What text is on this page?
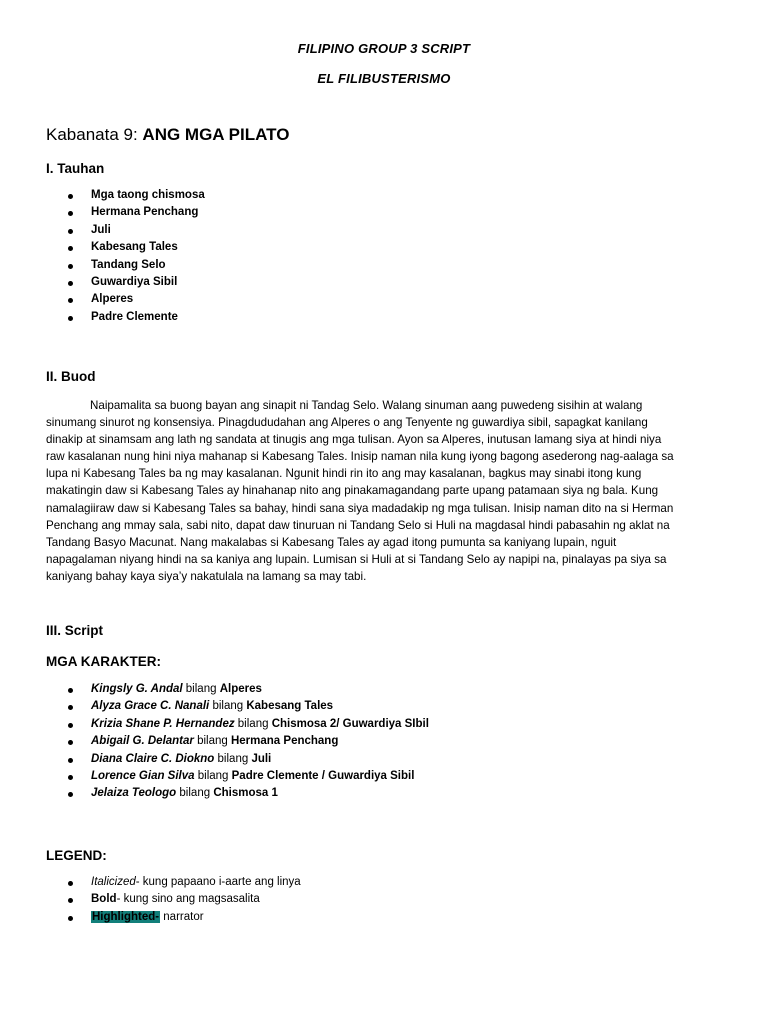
FILIPINO GROUP 3 SCRIPT
EL FILIBUSTERISMO
Kabanata 9: ANG MGA PILATO
I. Tauhan
Mga taong chismosa
Hermana Penchang
Juli
Kabesang Tales
Tandang Selo
Guwardiya Sibil
Alperes
Padre Clemente
II. Buod
Naipamalita sa buong bayan ang sinapit ni Tandag Selo. Walang sinuman aang puwedeng sisihin at walang
sinumang sinurot ng konsensiya. Pinagdududahan ang Alperes o ang Tenyente ng guwardiya sibil, sapagkat kanilang
dinakip at sinamsam ang lath ng sandata at tinugis ang mga tulisan. Ayon sa Alperes, inutusan lamang siya at hindi niya
raw kasalanan nung hini niya mahanap si Kabesang Tales. Inisip naman nila kung iyong bagong asederong nag-aalaga sa
lupa ni Kabesang Tales ba ng may kasalanan. Ngunit hindi rin ito ang may kasalanan, bagkus may sinabi itong kung
makatingin daw si Kabesang Tales ay hinahanap nito ang pinakamagandang parte upang patamaan siya ng bala. Kung
namalagiiraw daw si Kabesang Tales sa bahay, hindi sana siya madadakip ng mga tulisan. Inisip naman dito na si Herman
Penchang ang mmay sala, sabi nito, dapat daw tinuruan ni Tandang Selo si Huli na magdasal hindi pabasahin ng aklat na
Tandang Basyo Macunat. Nang makalabas si Kabesang Tales ay agad itong pumunta sa kaniyang lupain, nguit
napagalaman niyang hindi na sa kaniya ang lupain. Lumisan si Huli at si Tandang Selo ay napipi na, pinalayas pa siya sa
kaniyang bahay kaya siya’y nakatulala na lamang sa may tabi.
III. Script
MGA KARAKTER:
Kingsly G. Andal bilang Alperes
Alyza Grace C. Nanali bilang Kabesang Tales
Krizia Shane P. Hernandez bilang Chismosa 2/ Guwardiya SIbil
Abigail G. Delantar bilang Hermana Penchang
Diana Claire C. Diokno bilang Juli
Lorence Gian Silva bilang Padre Clemente / Guwardiya Sibil
Jelaiza Teologo bilang Chismosa 1
LEGEND:
Italicized- kung papaano i-aarte ang linya
Bold- kung sino ang magsasalita
Highlighted- narrator
